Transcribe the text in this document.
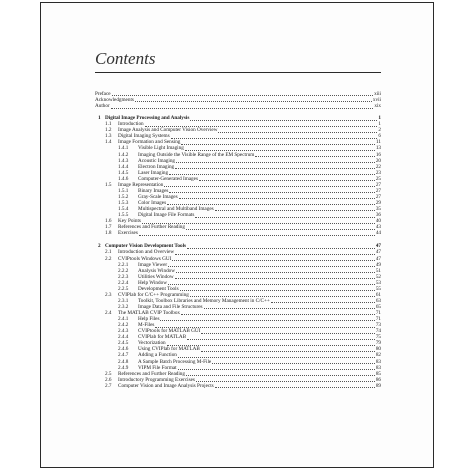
Contents
Preface	xiii
Acknowledgments	xvii
Author	xix
1 Digital Image Processing and Analysis	1
1.1 Introduction	1
1.2 Image Analysis and Computer Vision Overview	2
1.3 Digital Imaging Systems	6
1.4 Image Formation and Sensing	11
1.4.1 Visible Light Imaging	13
1.4.2 Imaging Outside the Visible Range of the EM Spectrum	16
1.4.3 Acoustic Imaging	20
1.4.4 Electron Imaging	22
1.4.5 Laser Imaging	23
1.4.6 Computer-Generated Images	25
1.5 Image Representation	27
1.5.1 Binary Images	27
1.5.2 Gray-Scale Images	27
1.5.3 Color Images	29
1.5.4 Multispectral and Multiband Images	35
1.5.5 Digital Image File Formats	36
1.6 Key Points	40
1.7 References and Further Reading	43
1.8 Exercises	44
2 Computer Vision Development Tools	47
2.1 Introduction and Overview	47
2.2 CVIPtools Windows GUI	47
2.2.1 Image Viewer	49
2.2.2 Analysis Window	51
2.2.3 Utilities Window	52
2.2.4 Help Window	53
2.2.5 Development Tools	55
2.3 CVIPlab for C/C++ Programming	61
2.3.1 Toolkit, Toolbox Libraries and Memory Management in C/C++	63
2.3.2 Image Data and File Structures	65
2.4 The MATLAB CVIP Toolbox	71
2.4.1 Help Files	71
2.4.2 M-Files	73
2.4.3 CVIPtools for MATLAB GUI	74
2.4.4 CVIPlab for MATLAB	75
2.4.5 Vectorization	79
2.4.6 Using CVIPlab for MATLAB	80
2.4.7 Adding a Function	82
2.4.8 A Sample Batch Processing M-File	83
2.4.9 VIPM File Format	83
2.5 References and Further Reading	85
2.6 Introductory Programming Exercises	86
2.7 Computer Vision and Image Analysis Projects	89
